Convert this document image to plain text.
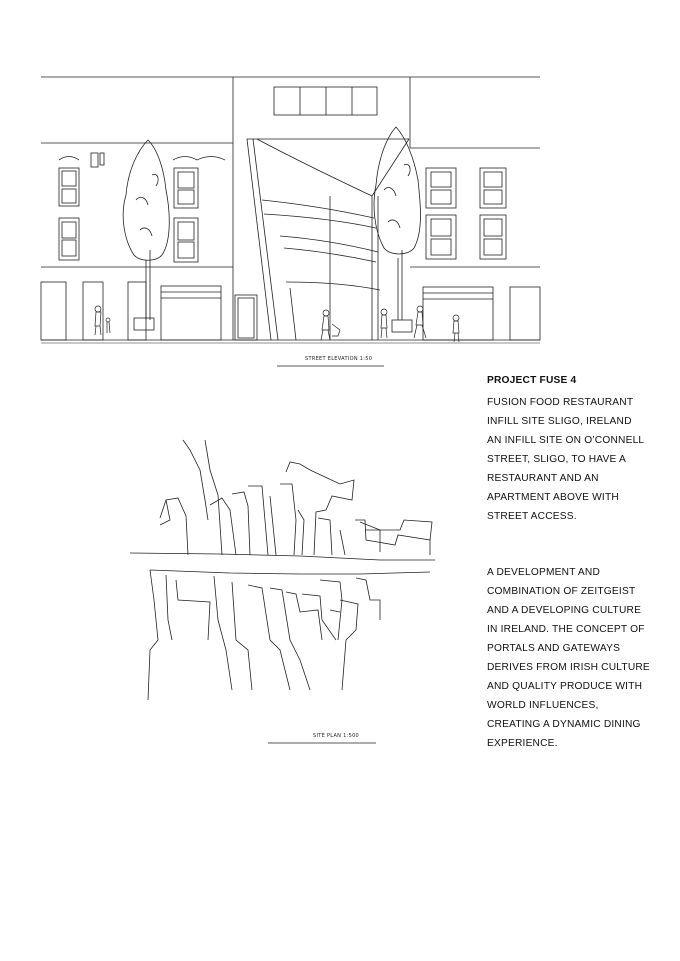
STREET ELEVATION 1:50
SITE PLAN 1:500
PROJECT FUSE 4
FUSION FOOD RESTAURANT
INFILL SITE SLIGO, IRELAND
AN INFILL SITE ON O’CONNELL
STREET, SLIGO, TO HAVE A
RESTAURANT AND AN
APARTMENT ABOVE WITH
STREET ACCESS.
A DEVELOPMENT AND
COMBINATION OF ZEITGEIST
AND A DEVELOPING CULTURE
IN IRELAND. THE CONCEPT OF
PORTALS AND GATEWAYS
DERIVES FROM IRISH CULTURE
AND QUALITY PRODUCE WITH
WORLD INFLUENCES,
CREATING A DYNAMIC DINING
EXPERIENCE.
